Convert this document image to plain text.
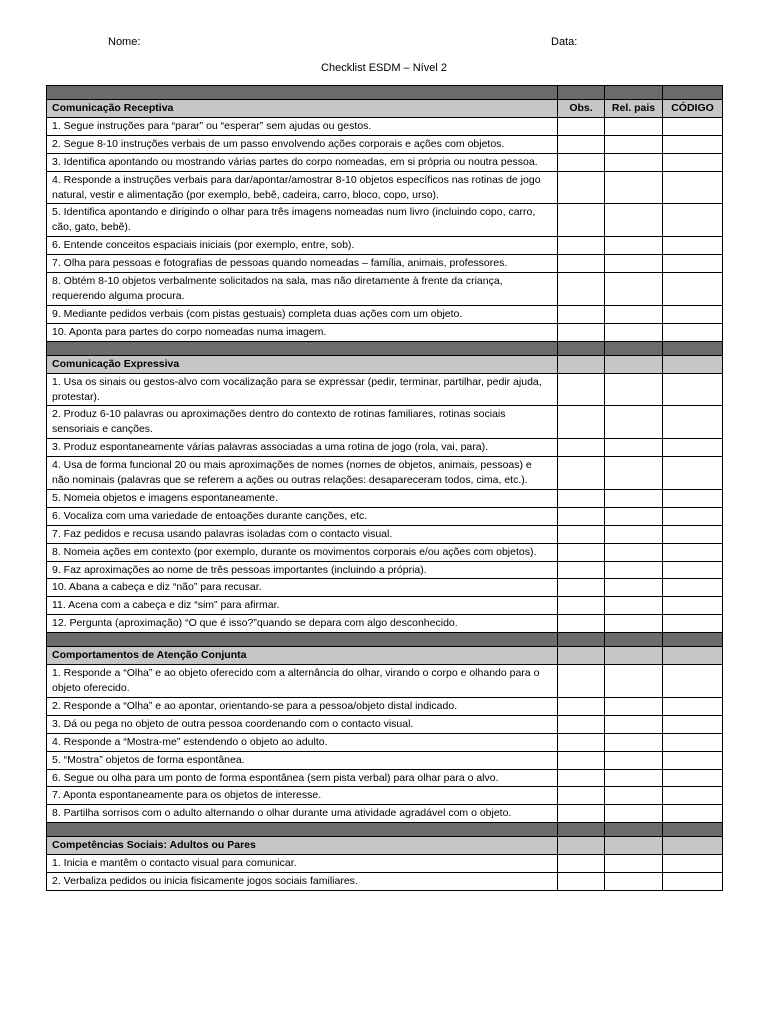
Nome:	Data:
Checklist ESDM – Nível 2

Comunicação Receptiva	Obs.	Rel. pais	CÓDIGO
1. Segue instruções para “parar” ou “esperar” sem ajudas ou gestos.			
2. Segue 8-10 instruções verbais de um passo envolvendo ações corporais e ações com objetos.			
3. Identifica apontando ou mostrando várias partes do corpo nomeadas, em si própria ou noutra pessoa.			
4. Responde a instruções verbais para dar/apontar/amostrar 8-10 objetos específicos nas rotinas de jogo natural, vestir e alimentação (por exemplo, bebê, cadeira, carro, bloco, copo, urso).			
5. Identifica apontando e dirigindo o olhar para três imagens nomeadas num livro (incluindo copo, carro, cão, gato, bebê).			
6. Entende conceitos espaciais iniciais (por exemplo, entre, sob).			
7. Olha para pessoas e fotografias de pessoas quando nomeadas – família, animais, professores.			
8. Obtém 8-10 objetos verbalmente solicitados na sala, mas não diretamente à frente da criança, requerendo alguma procura.			
9. Mediante pedidos verbais (com pistas gestuais) completa duas ações com um objeto.			
10. Aponta para partes do corpo nomeadas numa imagem.			

Comunicação Expressiva			
1. Usa os sinais ou gestos-alvo com vocalização para se expressar (pedir, terminar, partilhar, pedir ajuda, protestar).			
2. Produz 6-10 palavras ou aproximações dentro do contexto de rotinas familiares, rotinas sociais sensoriais e canções.			
3. Produz espontaneamente várias palavras associadas a uma rotina de jogo (rola, vai, para).			
4. Usa de forma funcional 20 ou mais aproximações de nomes (nomes de objetos, animais, pessoas) e não nominais (palavras que se referem a ações ou outras relações: desapareceram todos, cima, etc.).			
5. Nomeia objetos e imagens espontaneamente.			
6. Vocaliza com uma variedade de entoações durante canções, etc.			
7. Faz pedidos e recusa usando palavras isoladas com o contacto visual.			
8. Nomeia ações em contexto (por exemplo, durante os movimentos corporais e/ou ações com objetos).			
9. Faz aproximações ao nome de três pessoas importantes (incluindo a própria).			
10. Abana a cabeça e diz “não” para recusar.			
11. Acena com a cabeça e diz “sim” para afirmar.			
12. Pergunta (aproximação) “O que é isso?”quando se depara com algo desconhecido.			

Comportamentos de Atenção Conjunta			
1. Responde a “Olha” e ao objeto oferecido com a alternância do olhar, virando o corpo e olhando para o objeto oferecido.			
2. Responde a “Olha” e ao apontar, orientando-se para a pessoa/objeto distal indicado.			
3. Dá ou pega no objeto de outra pessoa coordenando com o contacto visual.			
4. Responde a “Mostra-me” estendendo o objeto ao adulto.			
5. “Mostra” objetos de forma espontânea.			
6. Segue ou olha para um ponto de forma espontânea (sem pista verbal) para olhar para o alvo.			
7. Aponta espontaneamente para os objetos de interesse.			
8. Partilha sorrisos com o adulto alternando o olhar durante uma atividade agradável com o objeto.			

Competências Sociais: Adultos ou Pares			
1. Inicia e mantêm o contacto visual para comunicar.			
2. Verbaliza pedidos ou inicia fisicamente jogos sociais familiares.			
